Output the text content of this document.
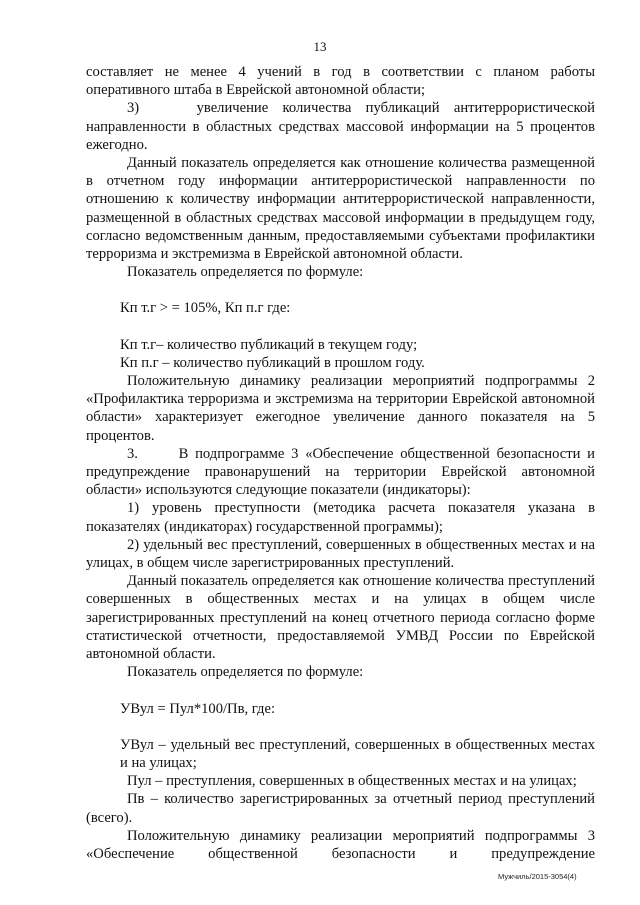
13

составляет не менее 4 учений в год в соответствии с планом работы оперативного штаба в Еврейской автономной области;

3)    увеличение количества публикаций антитеррористической направленности в областных средствах массовой информации на 5 процентов ежегодно.

Данный показатель определяется как отношение количества размещенной в отчетном году информации антитеррористической направленности по отношению к количеству информации антитеррористической направленности, размещенной в областных средствах массовой информации в предыдущем году, согласно ведомственным данным, предоставляемыми субъектами профилактики терроризма и экстремизма в Еврейской автономной области.

Показатель определяется по формуле:

Кп т.г > = 105%, Кп п.г где:

Кп т.г– количество публикаций в текущем году;

Кп п.г – количество публикаций в прошлом году.

Положительную динамику реализации мероприятий подпрограммы 2 «Профилактика терроризма и экстремизма на территории Еврейской автономной области» характеризует ежегодное увеличение данного показателя на 5 процентов.

3.      В подпрограмме 3 «Обеспечение общественной безопасности и предупреждение правонарушений на территории Еврейской автономной области» используются следующие показатели (индикаторы):

1) уровень преступности (методика расчета показателя указана в показателях (индикаторах) государственной программы);

2) удельный вес преступлений, совершенных в общественных местах и на улицах, в общем числе зарегистрированных преступлений.

Данный показатель определяется как отношение количества преступлений совершенных в общественных местах и на улицах в общем числе зарегистрированных преступлений на конец отчетного периода согласно форме статистической отчетности, предоставляемой УМВД России по Еврейской автономной области.

Показатель определяется по формуле:

УВул = Пул*100/Пв, где:

УВул – удельный вес преступлений, совершенных в общественных местах и на улицах;

Пул – преступления, совершенных в общественных местах и на улицах;

Пв – количество зарегистрированных за отчетный период преступлений (всего).

Положительную динамику реализации мероприятий подпрограммы 3 «Обеспечение общественной безопасности и предупреждение

Мужчиль/2015-3054(4)
